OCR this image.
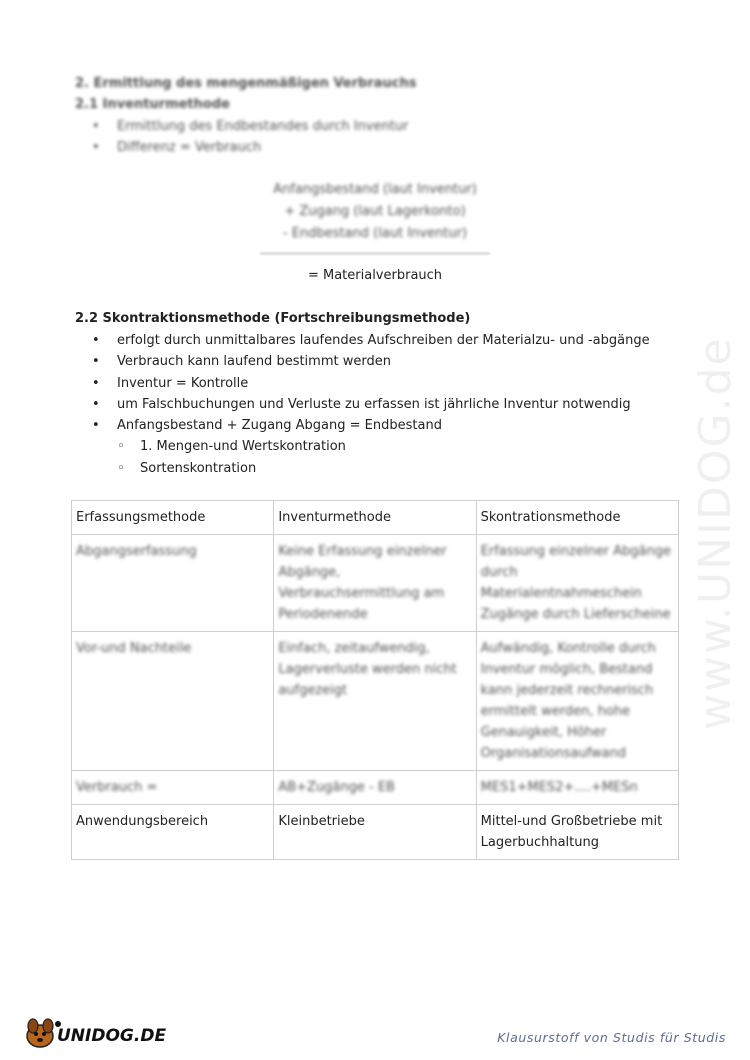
www.UNIDOG.de
2. Ermittlung des mengenmäßigen Verbrauchs
2.1 Inventurmethode
• Ermittlung des Endbestandes durch Inventur
• Differenz = Verbrauch
Anfangsbestand (laut Inventur)
+ Zugang (laut Lagerkonto)
- Endbestand (laut Inventur)
= Materialverbrauch
2.2 Skontraktionsmethode (Fortschreibungsmethode)
• erfolgt durch unmittalbares laufendes Aufschreiben der Materialzu- und -abgänge
• Verbrauch kann laufend bestimmt werden
• Inventur = Kontrolle
• um Falschbuchungen und Verluste zu erfassen ist jährliche Inventur notwendig
• Anfangsbestand + Zugang Abgang = Endbestand
◦ 1. Mengen-und Wertskontration
◦ Sortenskontration
Erfassungsmethode	Inventurmethode	Skontrationsmethode

Abgangserfassung	Keine Erfassung einzelner Abgänge, Verbrauchsermittlung am Periodenende	Erfassung einzelner Abgänge durch Materialentnahmeschein Zugänge durch Lieferscheine

Vor-und Nachteile	Einfach, zeitaufwendig, Lagerverluste werden nicht aufgezeigt	Aufwändig, Kontrolle durch Inventur möglich, Bestand kann jederzeit rechnerisch ermittelt werden, hohe Genauigkeit, Höher Organisationsaufwand

Verbrauch =	AB+Zugänge - EB	MES1+MES2+....+MESn

Anwendungsbereich	Kleinbetriebe	Mittel-und Großbetriebe mit Lagerbuchhaltung
UNIDOG.DE	Klausurstoff von Studis für Studis
